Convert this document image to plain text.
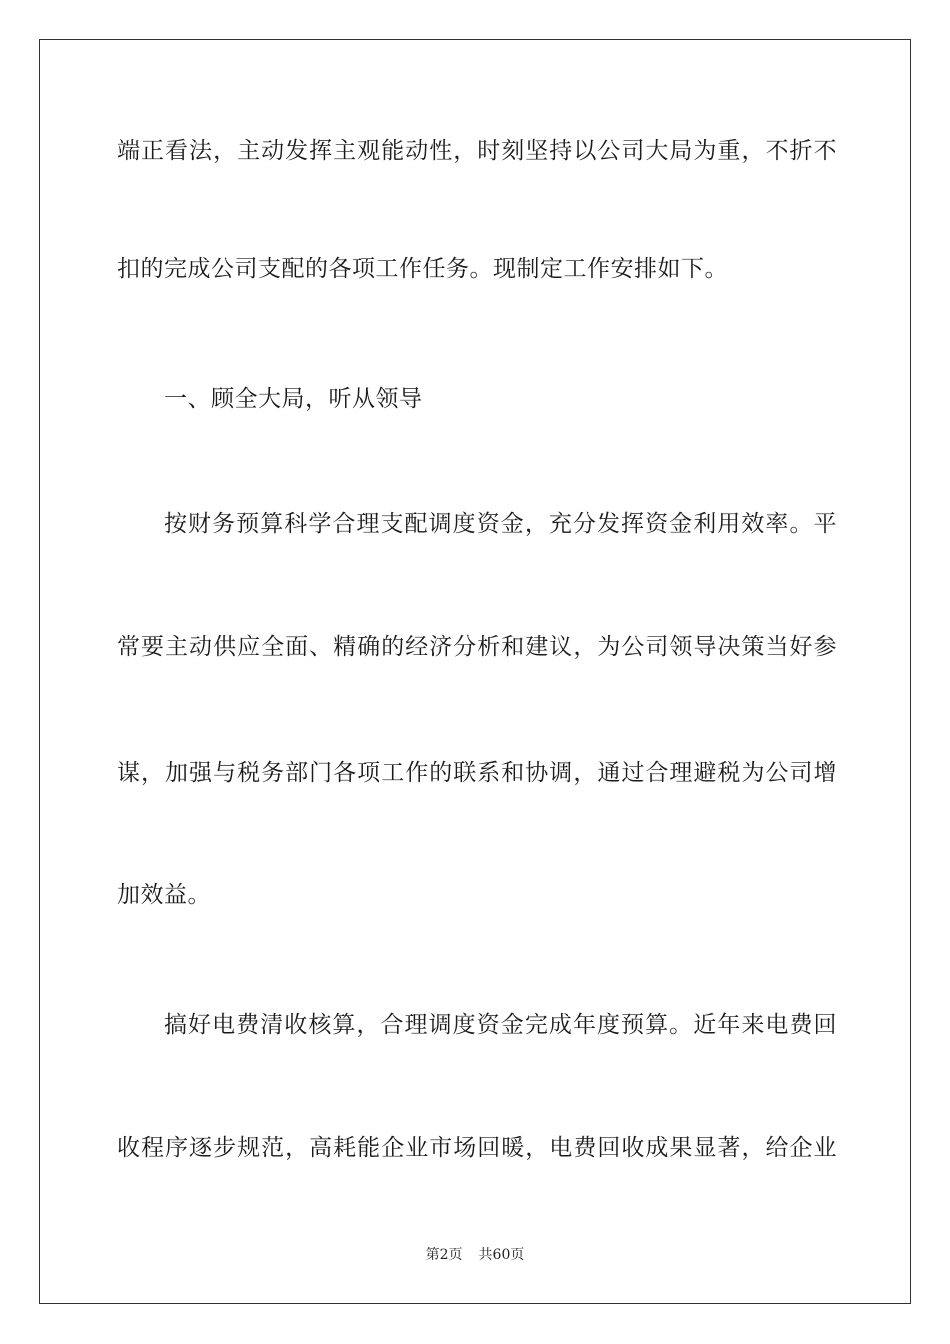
端正看法，主动发挥主观能动性，时刻坚持以公司大局为重，不折不
扣的完成公司支配的各项工作任务。现制定工作安排如下。
一、顾全大局，听从领导
按财务预算科学合理支配调度资金，充分发挥资金利用效率。平
常要主动供应全面、精确的经济分析和建议，为公司领导决策当好参
谋，加强与税务部门各项工作的联系和协调，通过合理避税为公司增
加效益。
搞好电费清收核算，合理调度资金完成年度预算。近年来电费回
收程序逐步规范，高耗能企业市场回暖，电费回收成果显著，给企业
第2页 共60页
